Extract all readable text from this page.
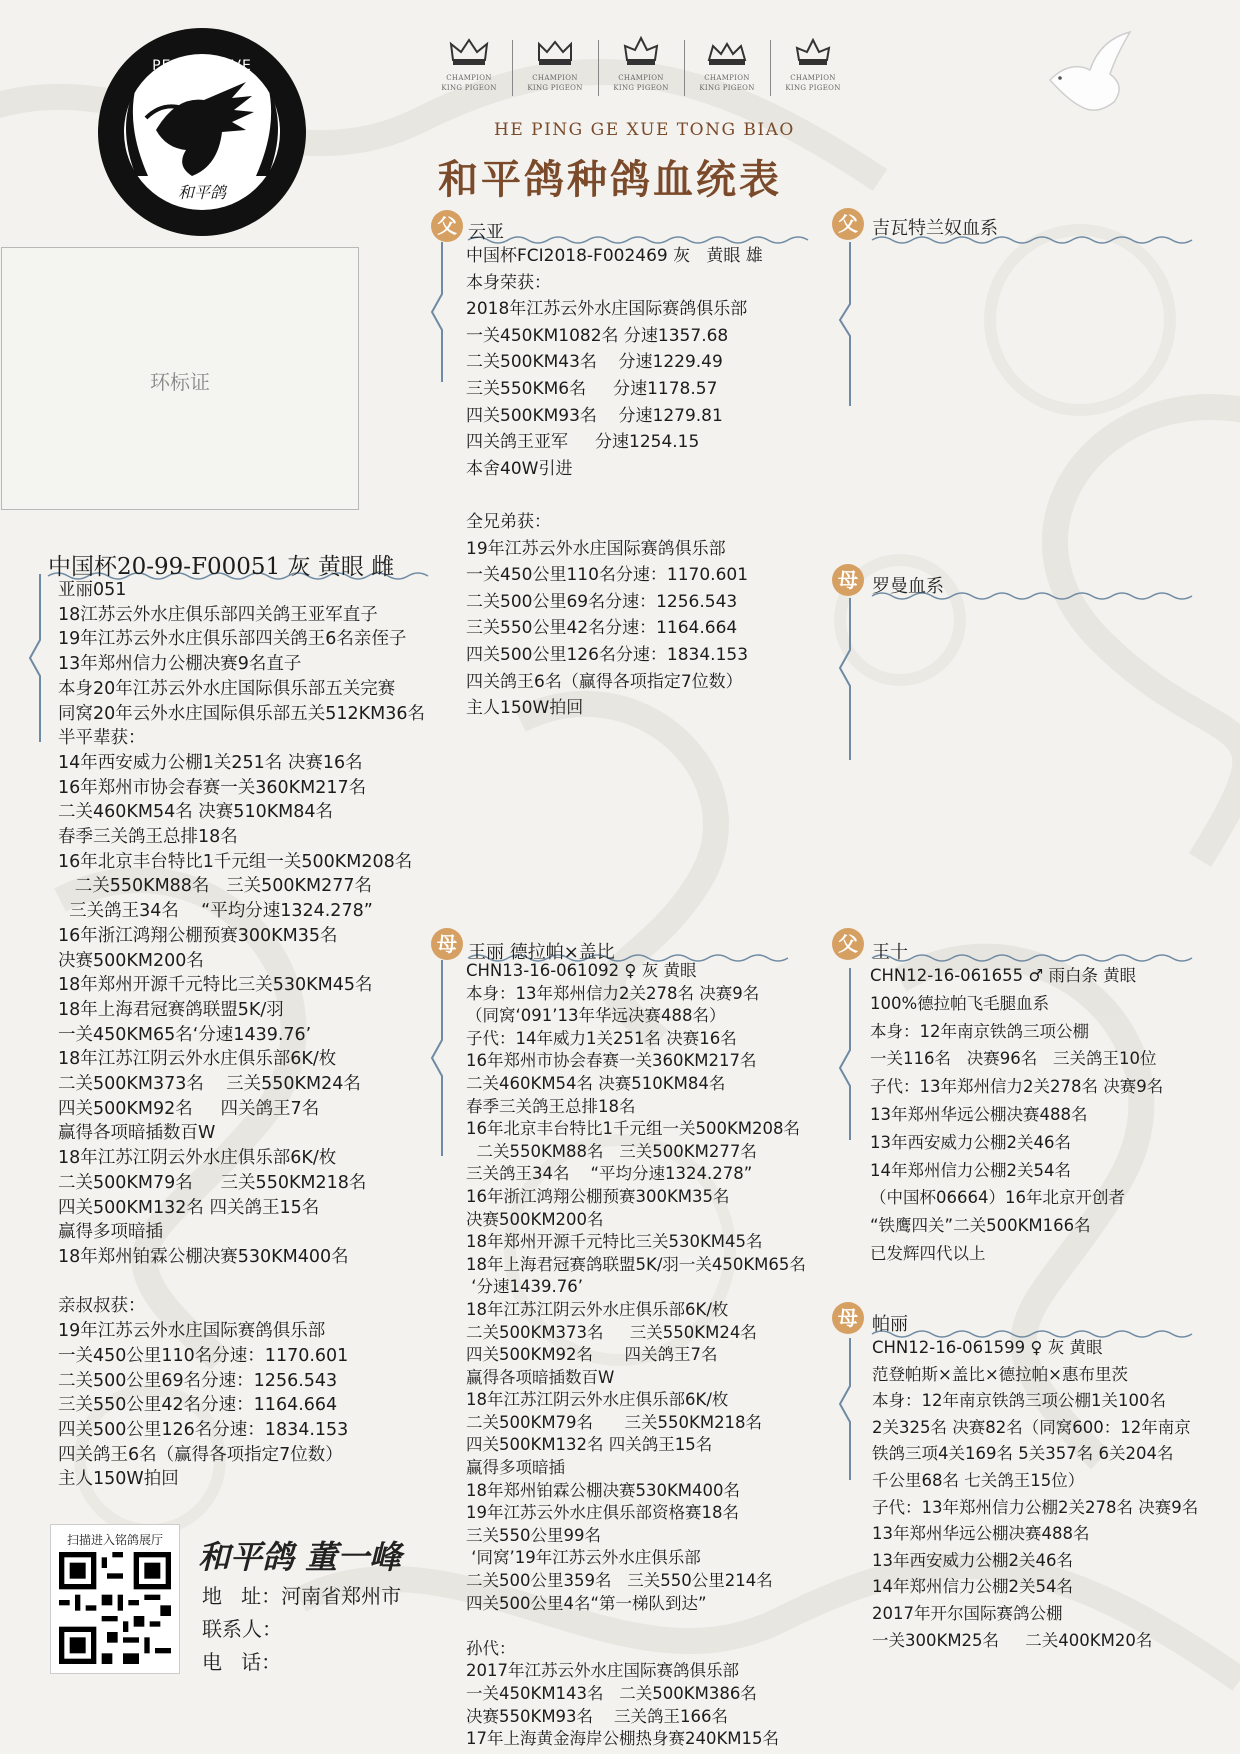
PEACE DOVE
和平鸽
CHAMPION
KING PIGEON
CHAMPION
KING PIGEON
CHAMPION
KING PIGEON
CHAMPION
KING PIGEON
CHAMPION
KING PIGEON
HE PING GE XUE TONG BIAO
和平鸽种鸽血统表
环标证
中国杯20-99-F00051 灰 黄眼 雌
亚丽051
18江苏云外水庄俱乐部四关鸽王亚军直子
19年江苏云外水庄俱乐部四关鸽王6名亲侄子
13年郑州信力公棚决赛9名直子
本身20年江苏云外水庄国际俱乐部五关完赛
同窝20年云外水庄国际俱乐部五关512KM36名
半平辈获：
14年西安威力公棚1关251名 决赛16名
16年郑州市协会春赛一关360KM217名
二关460KM54名 决赛510KM84名
春季三关鸽王总排18名
16年北京丰台特比1千元组一关500KM208名
二关550KM88名   三关500KM277名
三关鸽王34名    “平均分速1324.278”
16年浙江鸿翔公棚预赛300KM35名
决赛500KM200名
18年郑州开源千元特比三关530KM45名
18年上海君冠赛鸽联盟5K/羽
一关450KM65名‘分速1439.76’
18年江苏江阴云外水庄俱乐部6K/枚
二关500KM373名    三关550KM24名
四关500KM92名     四关鸽王7名
赢得各项暗插数百W
18年江苏江阴云外水庄俱乐部6K/枚
二关500KM79名     三关550KM218名
四关500KM132名 四关鸽王15名
赢得多项暗插
18年郑州铂霖公棚决赛530KM400名

亲叔叔获：
19年江苏云外水庄国际赛鸽俱乐部
一关450公里110名分速：1170.601
二关500公里69名分速：1256.543
三关550公里42名分速：1164.664
四关500公里126名分速：1834.153
四关鸽王6名（赢得各项指定7位数）
主人150W拍回
父 云亚
中国杯FCI2018-F002469 灰   黄眼 雄
本身荣获：
2018年江苏云外水庄国际赛鸽俱乐部
一关450KM1082名 分速1357.68
二关500KM43名    分速1229.49
三关550KM6名     分速1178.57
四关500KM93名    分速1279.81
四关鸽王亚军     分速1254.15
本舍40W引进

全兄弟获：
19年江苏云外水庄国际赛鸽俱乐部
一关450公里110名分速：1170.601
二关500公里69名分速：1256.543
三关550公里42名分速：1164.664
四关500公里126名分速：1834.153
四关鸽王6名（赢得各项指定7位数）
主人150W拍回
父 吉瓦特兰奴血系
母 罗曼血系
母 王丽 德拉帕×盖比
CHN13-16-061092 ♀ 灰 黄眼
本身：13年郑州信力2关278名 决赛9名
（同窝‘091’13年华远决赛488名）
子代：14年威力1关251名 决赛16名
16年郑州市协会春赛一关360KM217名
二关460KM54名 决赛510KM84名
春季三关鸽王总排18名
16年北京丰台特比1千元组一关500KM208名
二关550KM88名   三关500KM277名
三关鸽王34名    “平均分速1324.278”
16年浙江鸿翔公棚预赛300KM35名
决赛500KM200名
18年郑州开源千元特比三关530KM45名
18年上海君冠赛鸽联盟5K/羽一关450KM65名
‘分速1439.76’
18年江苏江阴云外水庄俱乐部6K/枚
二关500KM373名     三关550KM24名
四关500KM92名      四关鸽王7名
赢得各项暗插数百W
18年江苏江阴云外水庄俱乐部6K/枚
二关500KM79名      三关550KM218名
四关500KM132名 四关鸽王15名
赢得多项暗插
18年郑州铂霖公棚决赛530KM400名
19年江苏云外水庄俱乐部资格赛18名
三关550公里99名
‘同窝’19年江苏云外水庄俱乐部
二关500公里359名   三关550公里214名
四关500公里4名“第一梯队到达”

孙代：
2017年江苏云外水庄国际赛鸽俱乐部
一关450KM143名   二关500KM386名
决赛550KM93名    三关鸽王166名
17年上海黄金海岸公棚热身赛240KM15名
父 王十
CHN12-16-061655 ♂ 雨白条 黄眼
100%德拉帕飞毛腿血系
本身：12年南京铁鸽三项公棚
一关116名   决赛96名   三关鸽王10位
子代：13年郑州信力2关278名 决赛9名
13年郑州华远公棚决赛488名
13年西安威力公棚2关46名
14年郑州信力公棚2关54名
（中国杯06664）16年北京开创者
“铁鹰四关”二关500KM166名
已发辉四代以上
母 帕丽
CHN12-16-061599 ♀ 灰 黄眼
范登帕斯×盖比×德拉帕×惠布里茨
本身：12年南京铁鸽三项公棚1关100名
2关325名 决赛82名（同窝600：12年南京
铁鸽三项4关169名 5关357名 6关204名
千公里68名 七关鸽王15位）
子代：13年郑州信力公棚2关278名 决赛9名
13年郑州华远公棚决赛488名
13年西安威力公棚2关46名
14年郑州信力公棚2关54名
2017年开尔国际赛鸽公棚
一关300KM25名     二关400KM20名
扫描进入铭鸽展厅	和平鸽 董一峰
地   址：河南省郑州市
联系人：
电   话：
